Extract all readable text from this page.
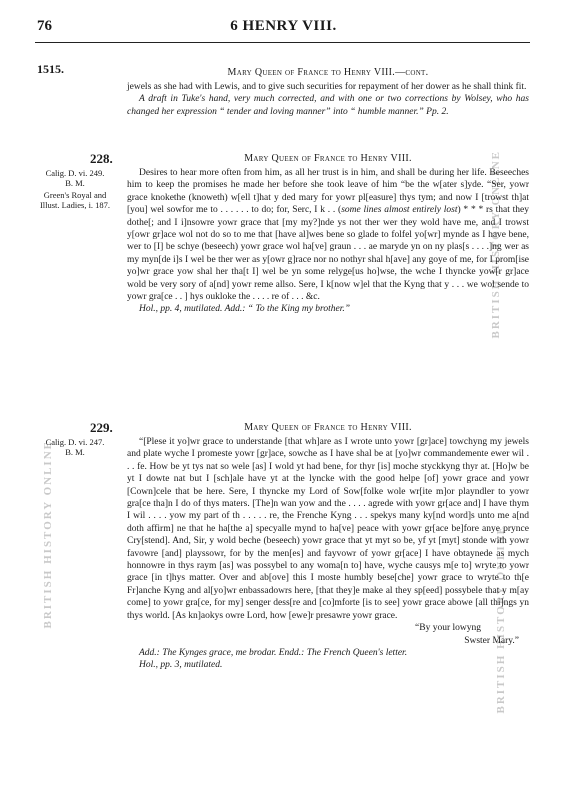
76	6 HENRY VIII.
1515.
BRITISH HISTORY ONLINE
BRITISH HISTORY ONLINE	BRITISH HISTORY ONLINE
Mary Queen of France to Henry VIII.—cont.

jewels as she had with Lewis, and to give such securities for repayment of her dower as he shall think fit.

A draft in Tuke's hand, very much corrected, and with one or two corrections by Wolsey, who has changed her expression “ tender and loving manner” into “ humble manner.” Pp. 2.

228.	Mary Queen of France to Henry VIII.
Calig. D. vi. 249.
B. M.
Green's Royal and Illust. Ladies, i. 187.

Desires to hear more often from him, as all her trust is in him, and shall be during her life. Beseeches him to keep the promises he made her before she took leave of him “be the w[ater s]yde. “Ser, yowr grace knokethe (knoweth) w[ell t]hat y ded mary for yowr pl[easure] thys tym; and now I [trowst th]at [you] wel sowfor me to . . . . . . to do; for, Serc, I k . . (some lines almost entirely lost) * * * rs that they dothe[; and I i]nsowre yowr grace that [my my?]nde ys not ther wer they wold have me, and I trowst y[owr gr]ace wol not do so to me that [have al]wes bene so glade to folfel yo[wr] mynde as I have bene, wer to [I] be schye (beseech) yowr grace wol ha[ve] graun . . . ae maryde yn on ny plas[s . . . .]ng wer as my myn[de i]s I wel be ther wer as y[owr g]race nor no nothyr shal h[ave] any goye of me, for I prom[ise yo]wr grace yow shal her tha[t I] wel be yn some relyge[us ho]wse, the wche I thyncke yow[r gr]ace wold be very sory of a[nd] yowr reme allso. Sere, I k[now w]el that the Kyng that y . . . we wol sende to yowr gra[ce . . ] hys oukloke the . . . . re of . . . &c.

Hol., pp. 4, mutilated. Add.: “ To the King my brother.”

229.	Mary Queen of France to Henry VIII.
Calig. D. vi. 247.
B. M.

“[Plese it yo]wr grace to understande [that wh]are as I wrote unto yowr [gr]ace] towchyng my jewels and plate wyche I promeste yowr [gr]ace, sowche as I have shal be at [yo]wr commandemente ewer wil . . . fe. How be yt tys nat so wele [as] I wold yt had bene, for thyr [is] moche styckkyng thyr at. [Ho]w be yt I dowte nat but I [sch]ale have yt at the lyncke with the good helpe [of] yowr grace and yowr [Cown]cele that be here. Sere, I thyncke my Lord of Sow[folke wole wr[ite m]or playndler to yowr gra[ce tha]n I do of thys maters. [The]n wan yow and the . . . . agrede with yowr gr[ace and] I have thym I wil . . . . yow my part of th . . . . . re, the Frenche Kyng . . . spekys many ky[nd word]s unto me a[nd doth affirm] ne that he ha[the a] specyalle mynd to ha[ve] peace with yowr gr[ace be]fore anye prynce Cry[stend]. And, Sir, y wold beche (beseech) yowr grace that yt myt so be, yf yt [myt] stonde with yowr favowre [and] playssowr, for by the men[es] and fayvowr of yowr gr[ace] I have obtaynede as mych honnowre in thys raym [as] was possybel to any woma[n to] have, wyche causys m[e to] wryte to yowr grace [in t]hys matter. Over and ab[ove] this I moste humbly bese[che] yowr grace to wryte to th[e Fr]anche Kyng and al[yo]wr enbassadowrs here, [that they]e make al they sp[eed] possybele that y m[ay come] to yowr gra[ce, for my] senger dess[re and [co]mforte [is to see] yowr grace abowe [all thi]ngs yn thys world. [As kn]aokys owre Lord, how [ewe]r presawre yowr grace.

“By your lowyng

Swster Mary.”

Add.: The Kynges grace, me brodar. Endd.: The French Queen's letter.

Hol., pp. 3, mutilated.
